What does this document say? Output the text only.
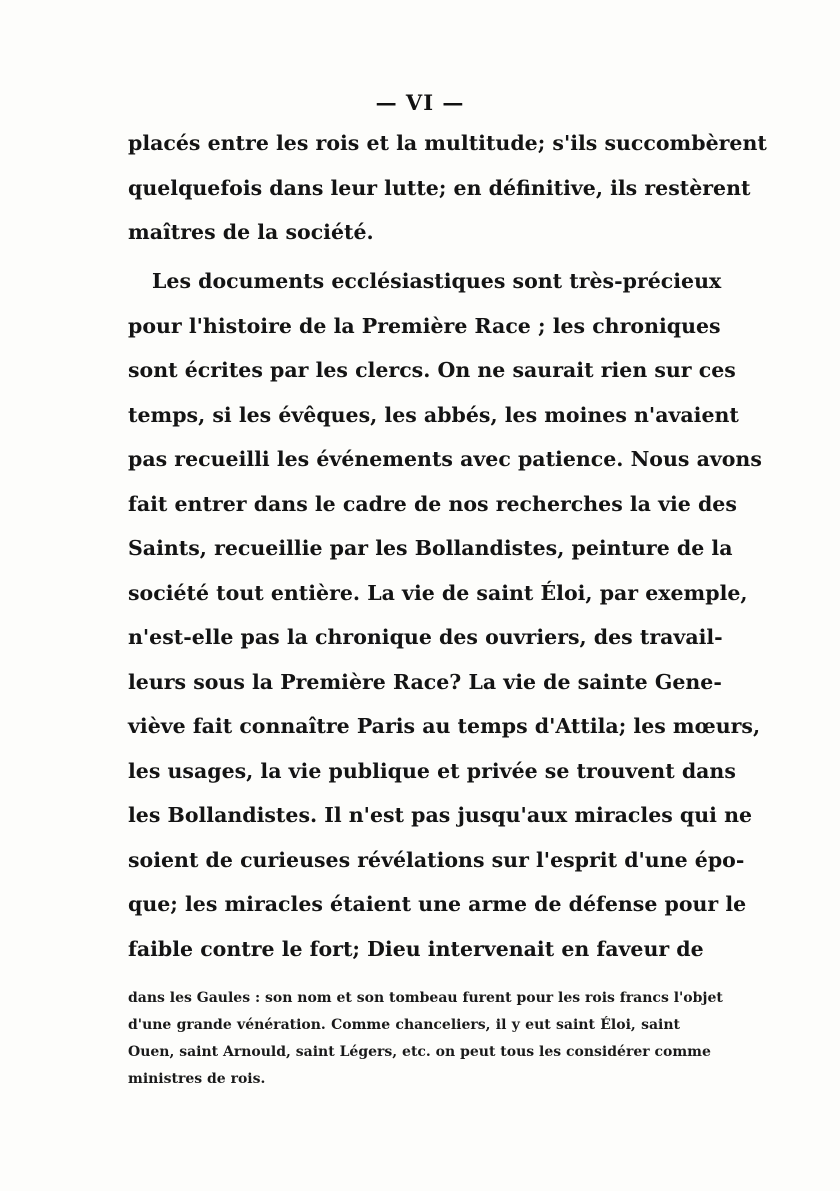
— VI —
placés entre les rois et la multitude; s'ils succombèrent
quelquefois dans leur lutte; en définitive, ils restèrent
maîtres de la société.
Les documents ecclésiastiques sont très-précieux
pour l'histoire de la Première Race ; les chroniques
sont écrites par les clercs. On ne saurait rien sur ces
temps, si les évêques, les abbés, les moines n'avaient
pas recueilli les événements avec patience. Nous avons
fait entrer dans le cadre de nos recherches la vie des
Saints, recueillie par les Bollandistes, peinture de la
société tout entière. La vie de saint Éloi, par exemple,
n'est-elle pas la chronique des ouvriers, des travail-
leurs sous la Première Race? La vie de sainte Gene-
viève fait connaître Paris au temps d'Attila; les mœurs,
les usages, la vie publique et privée se trouvent dans
les Bollandistes. Il n'est pas jusqu'aux miracles qui ne
soient de curieuses révélations sur l'esprit d'une épo-
que; les miracles étaient une arme de défense pour le
faible contre le fort; Dieu intervenait en faveur de
dans les Gaules : son nom et son tombeau furent pour les rois francs l'objet
d'une grande vénération. Comme chanceliers, il y eut saint Éloi, saint
Ouen, saint Arnould, saint Légers, etc. on peut tous les considérer comme
ministres de rois.
